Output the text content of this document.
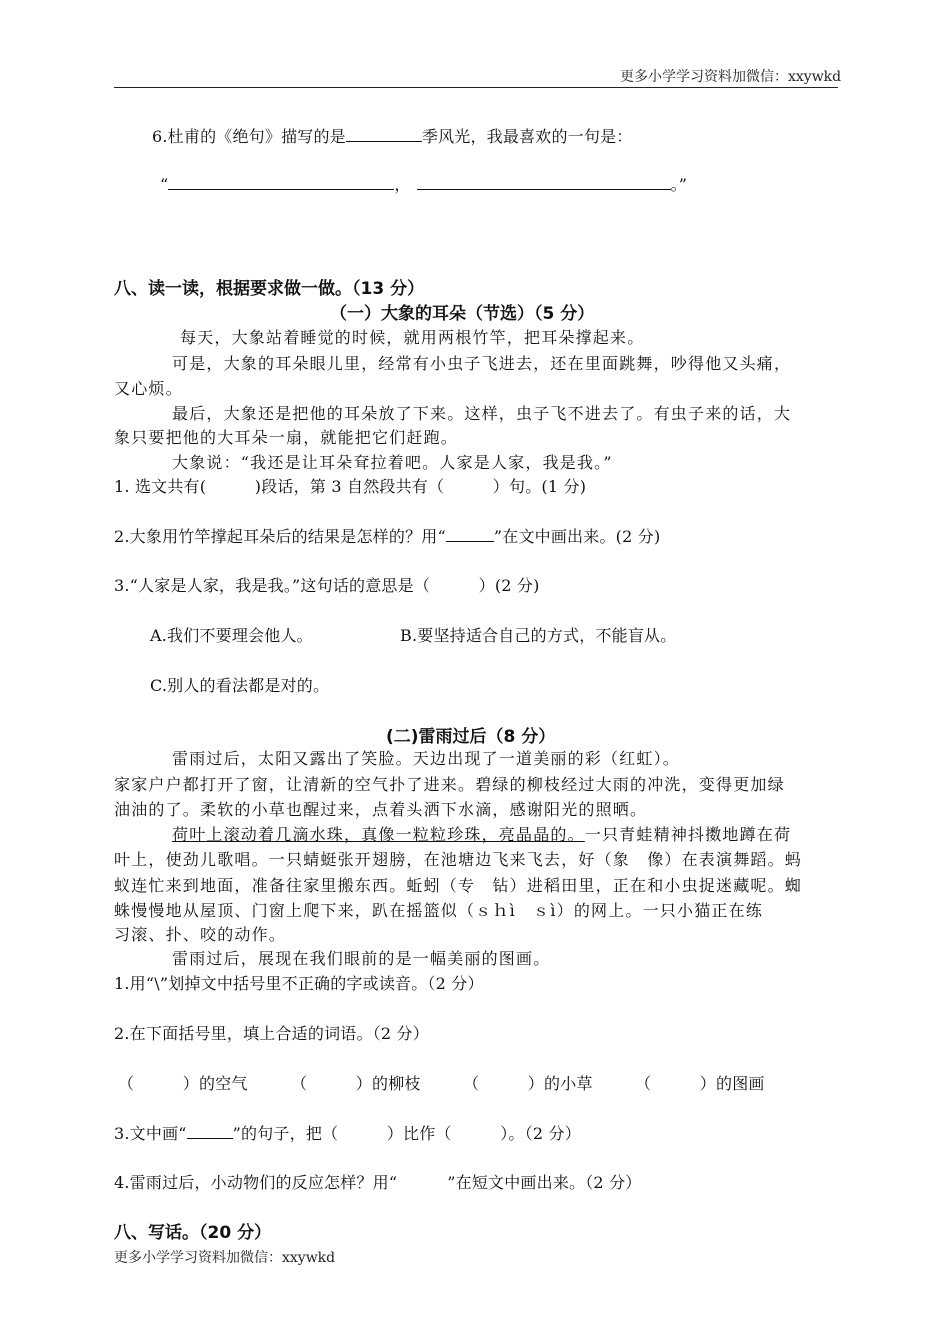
更多小学学习资料加微信：xxywkd
6.杜甫的《绝句》描写的是	季风光，我最喜欢的一句是：
“	，	。”
八、读一读，根据要求做一做。（13 分）
（一）大象的耳朵（节选）（5 分）
每天，大象站着睡觉的时候，就用两根竹竿，把耳朵撑起来。
可是，大象的耳朵眼儿里，经常有小虫子飞进去，还在里面跳舞，吵得他又头痛，
又心烦。
最后，大象还是把他的耳朵放了下来。这样，虫子飞不进去了。有虫子来的话，大
象只要把他的大耳朵一扇，就能把它们赶跑。
大象说：“我还是让耳朵耷拉着吧。人家是人家，我是我。”
1. 选文共有(　　　)段话，第 3 自然段共有（　　　）句。(1 分)
2.大象用竹竿撑起耳朵后的结果是怎样的？用“	”在文中画出来。(2 分)
3.“人家是人家，我是我。”这句话的意思是（　　　）(2 分)
A.我们不要理会他人。	B.要坚持适合自己的方式，不能盲从。
C.别人的看法都是对的。
(二)雷雨过后（8 分）
雷雨过后，太阳又露出了笑脸。天边出现了一道美丽的彩（红虹）。
家家户户都打开了窗，让清新的空气扑了进来。碧绿的柳枝经过大雨的冲洗，变得更加绿
油油的了。柔软的小草也醒过来，点着头洒下水滴，感谢阳光的照晒。
荷叶上滚动着几滴水珠，真像一粒粒珍珠，亮晶晶的。一只青蛙精神抖擞地蹲在荷
叶上，使劲儿歌唱。一只蜻蜓张开翅膀，在池塘边飞来飞去，好（象　像）在表演舞蹈。蚂
蚁连忙来到地面，准备往家里搬东西。蚯蚓（专　钻）进稻田里，正在和小虫捉迷藏呢。蜘
蛛慢慢地从屋顶、门窗上爬下来，趴在摇篮似（ｓｈì　ｓì）的网上。一只小猫正在练
习滚、扑、咬的动作。
雷雨过后，展现在我们眼前的是一幅美丽的图画。
1.用“\”划掉文中括号里不正确的字或读音。（2 分）
2.在下面括号里，填上合适的词语。（2 分）
（　　　）的空气	（　　　）的柳枝	（　　　）的小草	（　　　）的图画
3.文中画“	”的句子，把（　　　）比作（　　　）。（2 分）
4.雷雨过后，小动物们的反应怎样？用“	”在短文中画出来。（2 分）
八、写话。（20 分）
更多小学学习资料加微信：xxywkd
